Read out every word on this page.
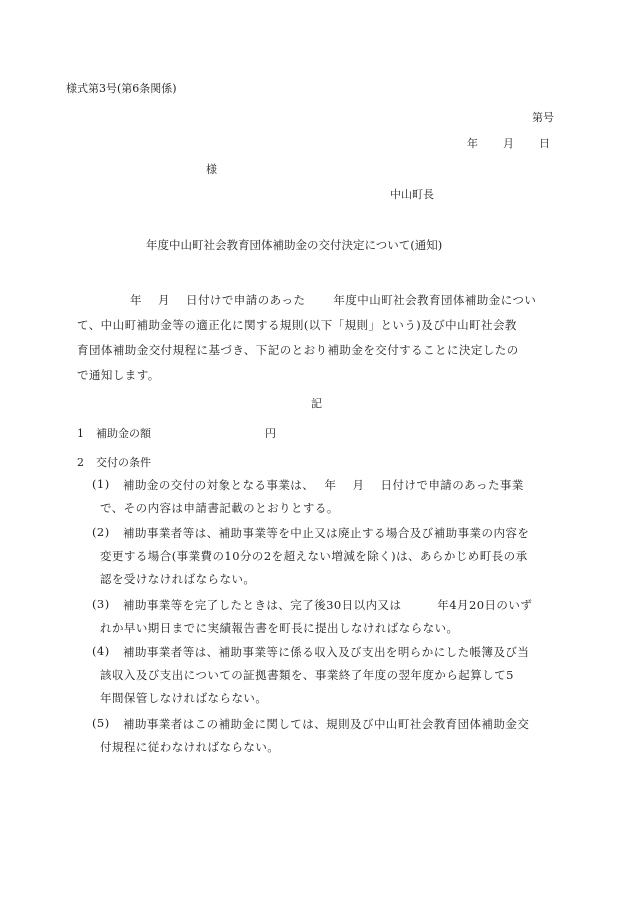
様式第3号(第6条関係)
第号
年　　月　　日
様
中山町長
年度中山町社会教育団体補助金の交付決定について(通知)
年　 月　 日付けで申請のあった　　 年度中山町社会教育団体補助金につい
て、中山町補助金等の適正化に関する規則(以下「規則」という)及び中山町社会教
育団体補助金交付規程に基づき、下記のとおり補助金を交付することに決定したの
で通知します。
記
1 補助金の額	円
2 交付の条件
(1) 補助金の交付の対象となる事業は、　 年　 月　 日付けで申請のあった事業
で、その内容は申請書記載のとおりとする。
(2) 補助事業者等は、補助事業等を中止又は廃止する場合及び補助事業の内容を
変更する場合(事業費の10分の2を超えない増減を除く)は、あらかじめ町長の承
認を受けなければならない。
(3) 補助事業等を完了したときは、完了後30日以内又は　　　年4月20日のいず
れか早い期日までに実績報告書を町長に提出しなければならない。
(4) 補助事業者等は、補助事業等に係る収入及び支出を明らかにした帳簿及び当
該収入及び支出についての証拠書類を、事業終了年度の翌年度から起算して5
年間保管しなければならない。
(5) 補助事業者はこの補助金に関しては、規則及び中山町社会教育団体補助金交
付規程に従わなければならない。
